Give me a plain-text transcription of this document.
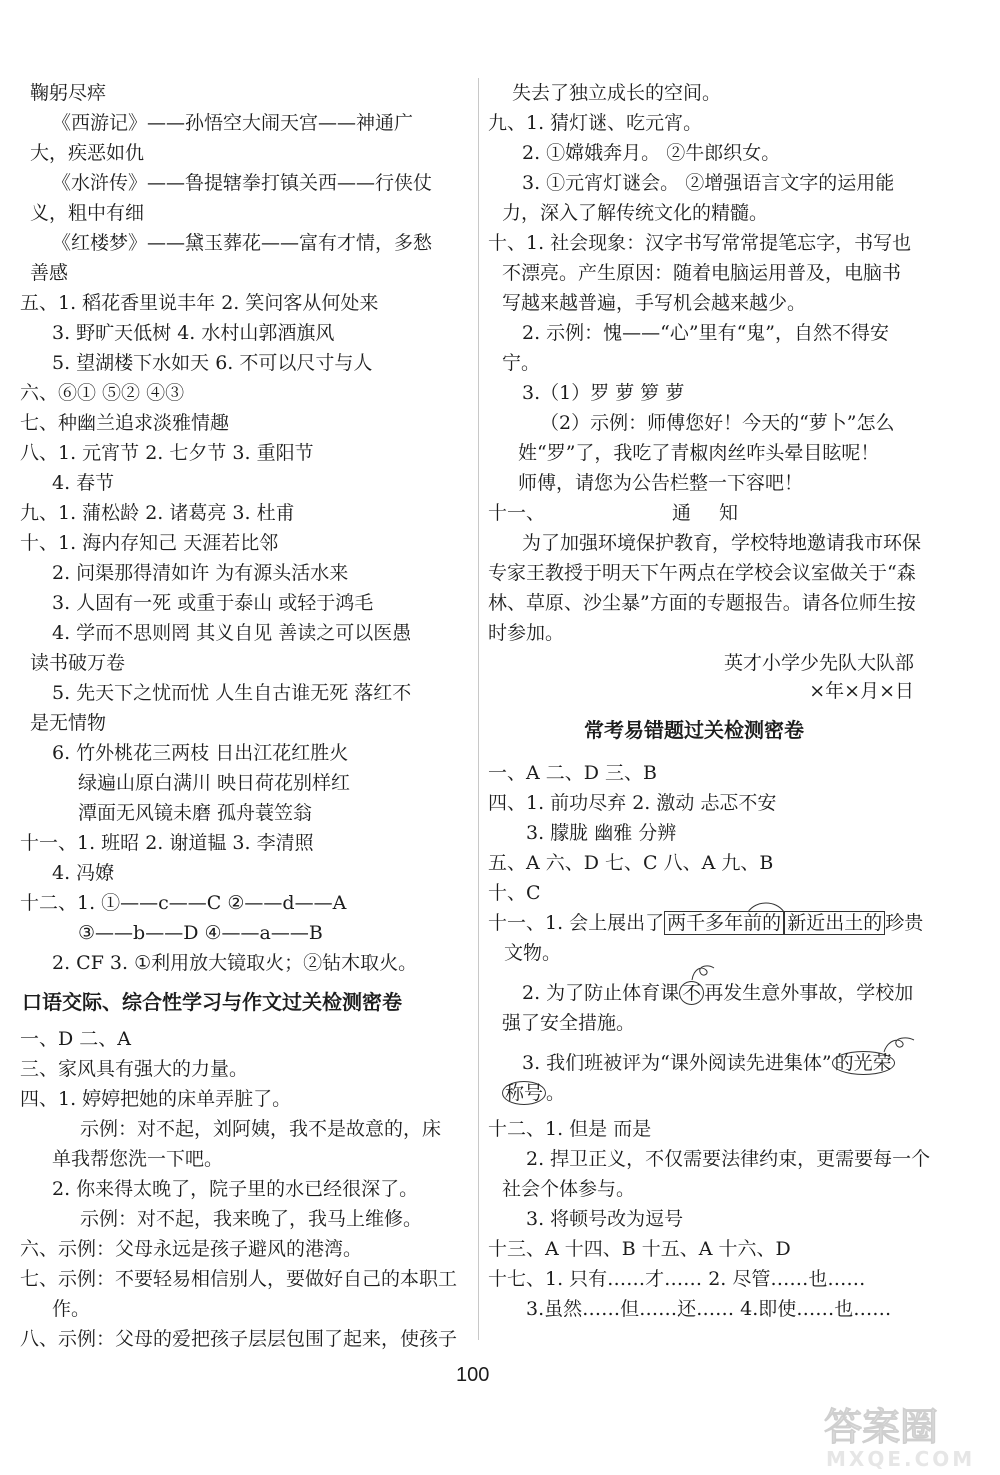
鞠躬尽瘁
《西游记》——孙悟空大闹天宫——神通广
大，疾恶如仇
《水浒传》——鲁提辖拳打镇关西——行侠仗
义，粗中有细
《红楼梦》——黛玉葬花——富有才情，多愁
善感
五、1. 稻花香里说丰年 2. 笑问客从何处来
3. 野旷天低树 4. 水村山郭酒旗风
5. 望湖楼下水如天 6. 不可以尺寸与人
六、⑥① ⑤② ④③
七、种幽兰追求淡雅情趣
八、1. 元宵节 2. 七夕节 3. 重阳节
4. 春节
九、1. 蒲松龄 2. 诸葛亮 3. 杜甫
十、1. 海内存知己 天涯若比邻
2. 问渠那得清如许 为有源头活水来
3. 人固有一死 或重于泰山 或轻于鸿毛
4. 学而不思则罔 其义自见 善读之可以医愚
读书破万卷
5. 先天下之忧而忧 人生自古谁无死 落红不
是无情物
6. 竹外桃花三两枝 日出江花红胜火
绿遍山原白满川 映日荷花别样红
潭面无风镜未磨 孤舟蓑笠翁
十一、1. 班昭 2. 谢道韫 3. 李清照
4. 冯嫽
十二、1. ①——c——C ②——d——A
③——b——D ④——a——B
2. CF 3. ①利用放大镜取火；②钻木取火。
口语交际、综合性学习与作文过关检测密卷
一、D 二、A
三、家风具有强大的力量。
四、1. 婷婷把她的床单弄脏了。
示例：对不起，刘阿姨，我不是故意的，床
单我帮您洗一下吧。
2. 你来得太晚了，院子里的水已经很深了。
示例：对不起，我来晚了，我马上维修。
六、示例：父母永远是孩子避风的港湾。
七、示例：不要轻易相信别人，要做好自己的本职工
作。
八、示例：父母的爱把孩子层层包围了起来，使孩子
失去了独立成长的空间。
九、1. 猜灯谜、吃元宵。
2. ①嫦娥奔月。 ②牛郎织女。
3. ①元宵灯谜会。 ②增强语言文字的运用能
力，深入了解传统文化的精髓。
十、1. 社会现象：汉字书写常常提笔忘字，书写也
不漂亮。产生原因：随着电脑运用普及，电脑书
写越来越普遍，手写机会越来越少。
2. 示例：愧——“心”里有“鬼”，自然不得安
宁。
3.（1）罗 萝 箩 萝
（2）示例：师傅您好！今天的“萝卜”怎么
姓“罗”了，我吃了青椒肉丝咋头晕目眩呢！
师傅，请您为公告栏整一下容吧！
十一、	通知
为了加强环境保护教育，学校特地邀请我市环保
专家王教授于明天下午两点在学校会议室做关于“森
林、草原、沙尘暴”方面的专题报告。请各位师生按
时参加。
英才小学少先队大队部
×年×月×日
常考易错题过关检测密卷
一、A 二、D 三、B
四、1. 前功尽弃 2. 激动 忐忑不安
3. 朦胧 幽雅 分辨
五、A 六、D 七、C 八、A 九、B
十、C
十一、1. 会上展出了 两千多年前的 新近出土的 珍贵
文物。
2. 为了防止体育课 不 再发生意外事故，学校加
强了安全措施。
3. 我们班被评为“课外阅读先进集体” 的光荣
称号 。
十二、1. 但是 而是
2. 捍卫正义，不仅需要法律约束，更需要每一个
社会个体参与。
3. 将顿号改为逗号
十三、A 十四、B 十五、A 十六、D
十七、1. 只有……才…… 2. 尽管……也……
3.虽然……但……还…… 4.即使……也……
100
答案圈
MXQE.COM
